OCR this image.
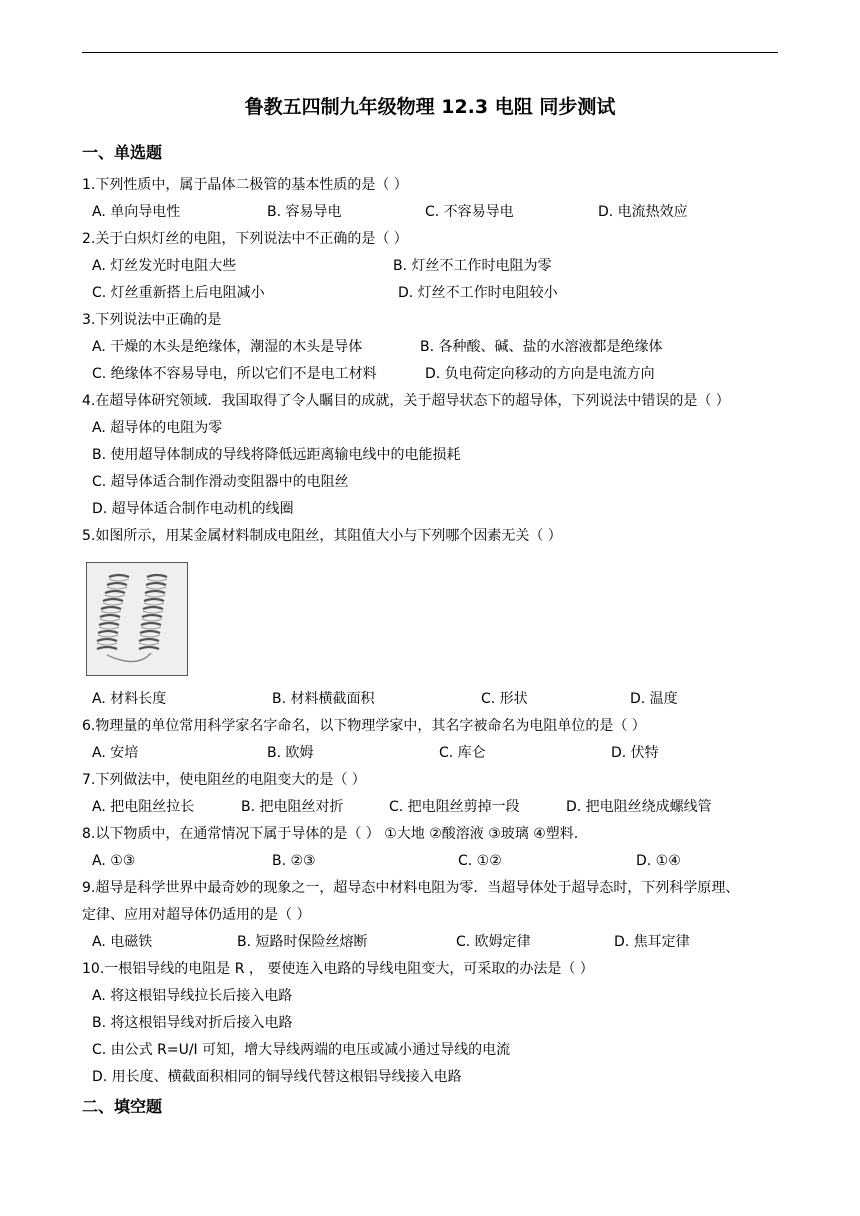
鲁教五四制九年级物理 12.3 电阻 同步测试
一、单选题
1.下列性质中，属于晶体二极管的基本性质的是（ ）
A. 单向导电性	B. 容易导电	C. 不容易导电	D. 电流热效应
2.关于白炽灯丝的电阻，下列说法中不正确的是（ ）
A. 灯丝发光时电阻大些	B. 灯丝不工作时电阻为零
C. 灯丝重新搭上后电阻减小	D. 灯丝不工作时电阻较小
3.下列说法中正确的是
A. 干燥的木头是绝缘体，潮湿的木头是导体	B. 各种酸、碱、盐的水溶液都是绝缘体
C. 绝缘体不容易导电，所以它们不是电工材料	D. 负电荷定向移动的方向是电流方向
4.在超导体研究领域．我国取得了令人瞩目的成就，关于超导状态下的超导体，下列说法中错误的是（ ）
A. 超导体的电阻为零
B. 使用超导体制成的导线将降低远距离输电线中的电能损耗
C. 超导体适合制作滑动变阻器中的电阻丝
D. 超导体适合制作电动机的线圈
5.如图所示，用某金属材料制成电阻丝，其阻值大小与下列哪个因素无关（ ）
A. 材料长度	B. 材料横截面积	C. 形状	D. 温度
6.物理量的单位常用科学家名字命名，以下物理学家中，其名字被命名为电阻单位的是（ ）
A. 安培	B. 欧姆	C. 库仑	D. 伏特
7.下列做法中，使电阻丝的电阻变大的是（ ）
A. 把电阻丝拉长	B. 把电阻丝对折	C. 把电阻丝剪掉一段	D. 把电阻丝绕成螺线管
8.以下物质中，在通常情况下属于导体的是（ ） ①大地 ②酸溶液 ③玻璃 ④塑料.
A. ①③	B. ②③	C. ①②	D. ①④
9.超导是科学世界中最奇妙的现象之一，超导态中材料电阻为零．当超导体处于超导态时，下列科学原理、
定律、应用对超导体仍适用的是（ ）
A. 电磁铁	B. 短路时保险丝熔断	C. 欧姆定律	D. 焦耳定律
10.一根铝导线的电阻是 R ， 要使连入电路的导线电阻变大，可采取的办法是（ ）
A. 将这根铝导线拉长后接入电路
B. 将这根铝导线对折后接入电路
C. 由公式 R=U/I 可知，增大导线两端的电压或减小通过导线的电流
D. 用长度、横截面积相同的铜导线代替这根铝导线接入电路
二、填空题
